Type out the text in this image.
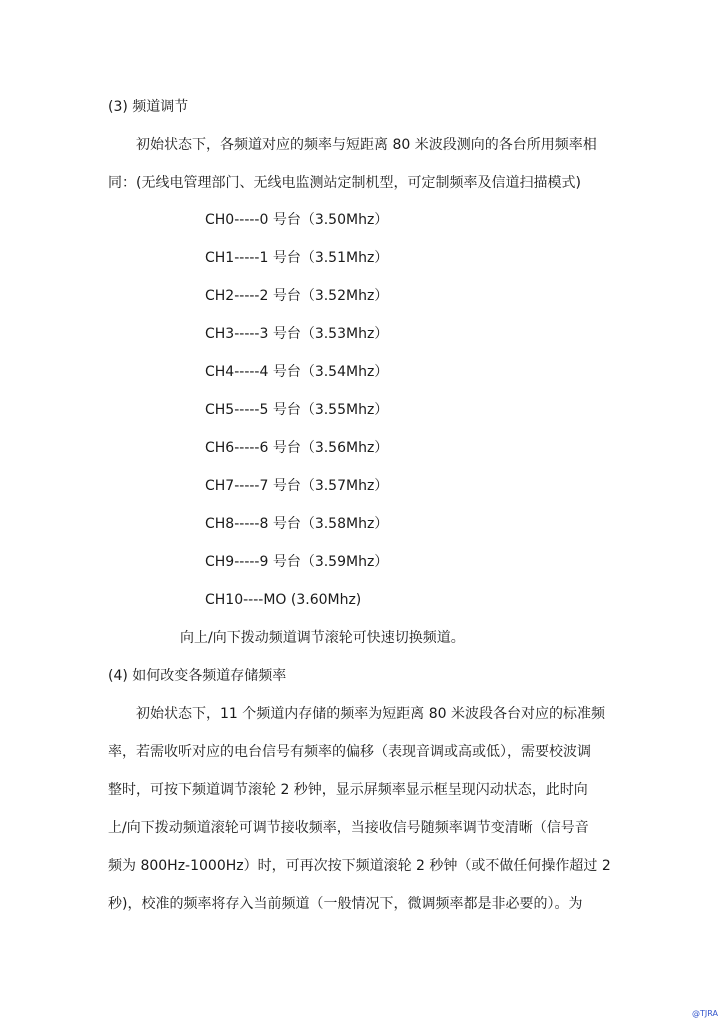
(3) 频道调节
初始状态下，各频道对应的频率与短距离 80 米波段测向的各台所用频率相
同：(无线电管理部门、无线电监测站定制机型，可定制频率及信道扫描模式)
CH0-----0 号台（3.50Mhz）
CH1-----1 号台（3.51Mhz）
CH2-----2 号台（3.52Mhz）
CH3-----3 号台（3.53Mhz）
CH4-----4 号台（3.54Mhz）
CH5-----5 号台（3.55Mhz）
CH6-----6 号台（3.56Mhz）
CH7-----7 号台（3.57Mhz）
CH8-----8 号台（3.58Mhz）
CH9-----9 号台（3.59Mhz）
CH10----MO (3.60Mhz)
向上/向下拨动频道调节滚轮可快速切换频道。
(4) 如何改变各频道存储频率
初始状态下，11 个频道内存储的频率为短距离 80 米波段各台对应的标准频
率，若需收听对应的电台信号有频率的偏移（表现音调或高或低），需要校波调
整时，可按下频道调节滚轮 2 秒钟，显示屏频率显示框呈现闪动状态，此时向
上/向下拨动频道滚轮可调节接收频率，当接收信号随频率调节变清晰（信号音
频为 800Hz-1000Hz）时，可再次按下频道滚轮 2 秒钟（或不做任何操作超过 2
秒)，校准的频率将存入当前频道（一般情况下，微调频率都是非必要的）。为
@TJRA
